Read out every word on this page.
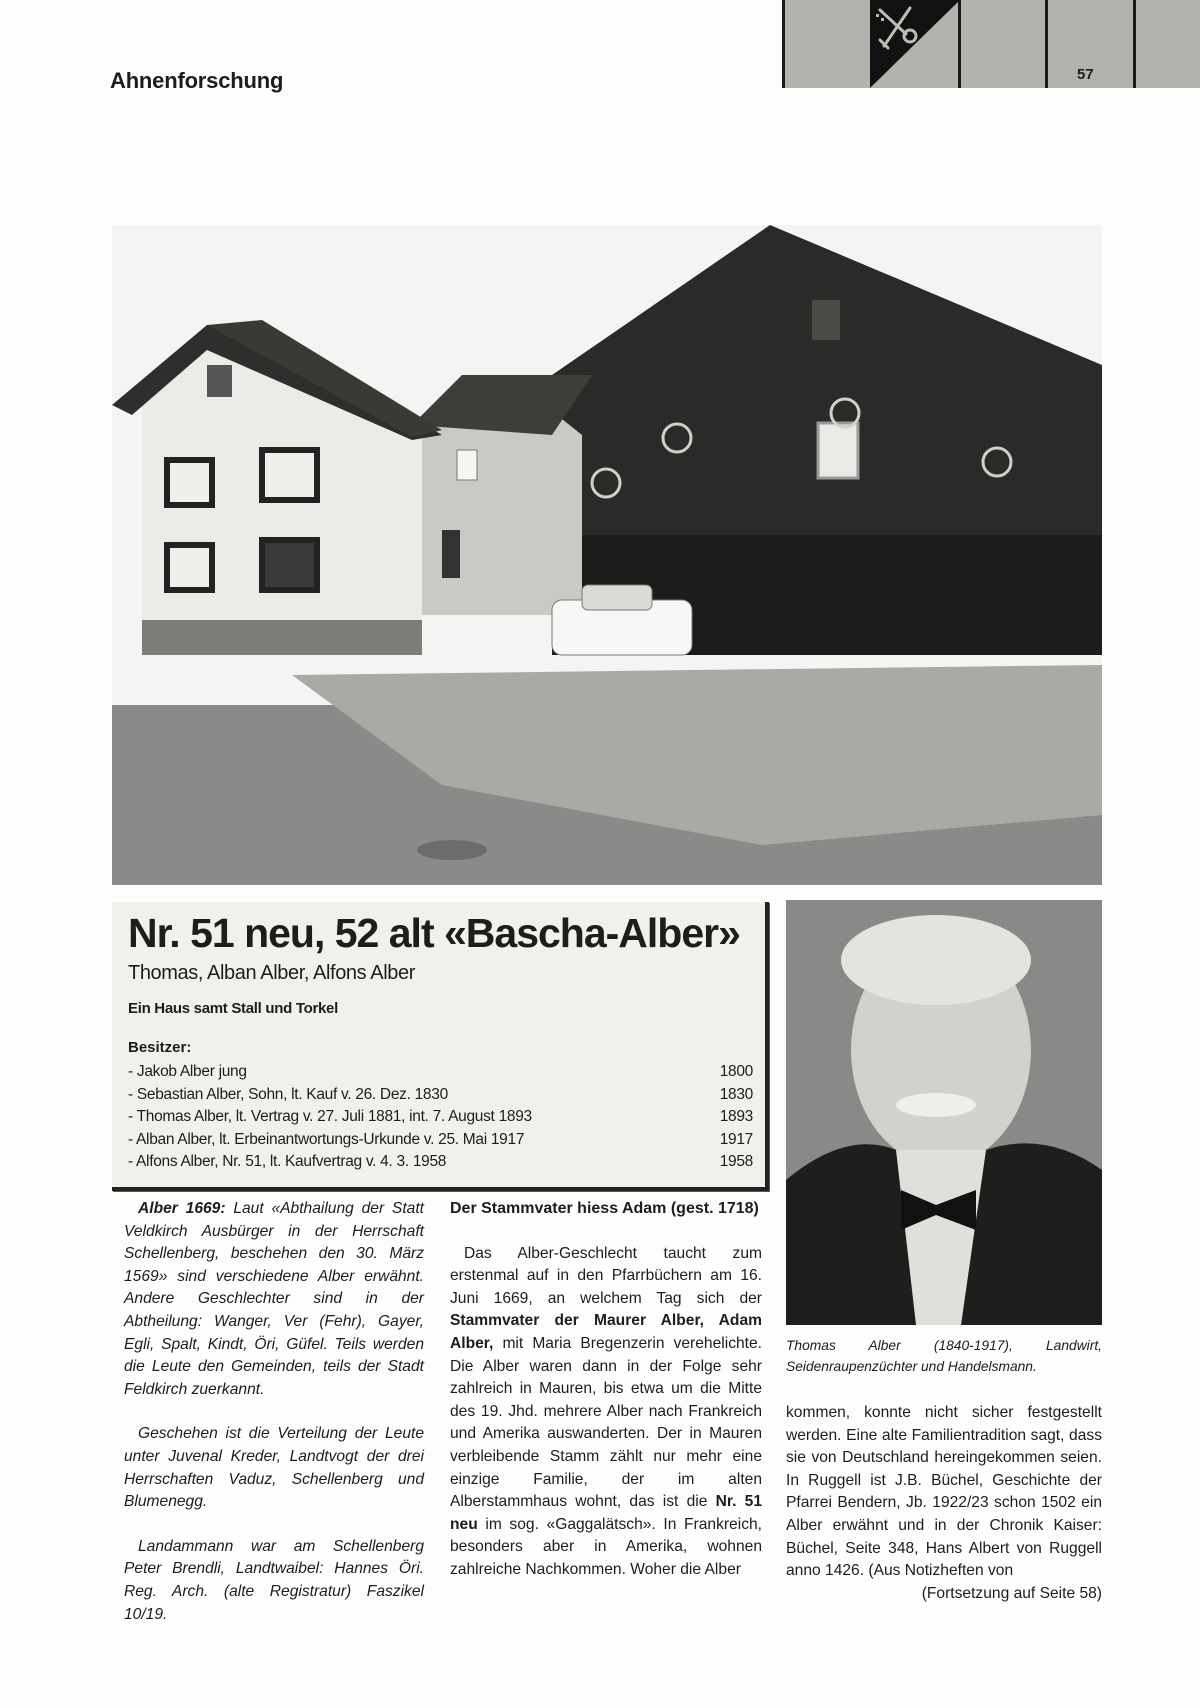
57
Ahnenforschung
Nr. 51 neu, 52 alt «Bascha-Alber»
Thomas, Alban Alber, Alfons Alber
Ein Haus samt Stall und Torkel
Besitzer:
- Jakob Alber jung	1800
- Sebastian Alber, Sohn, lt. Kauf v. 26. Dez. 1830	1830
- Thomas Alber, lt. Vertrag v. 27. Juli 1881, int. 7. August 1893	1893
- Alban Alber, lt. Erbeinantwortungs-Urkunde v. 25. Mai 1917	1917
- Alfons Alber, Nr. 51, lt. Kaufvertrag v. 4. 3. 1958	1958
Thomas Alber (1840-1917), Landwirt, Seidenraupenzüchter und Handelsmann.

Alber 1669: Laut «Abthailung der Statt Veldkirch Ausbürger in der Herrschaft Schellenberg, beschehen den 30. März 1569» sind verschiedene Alber erwähnt. Andere Geschlechter sind in der Abtheilung: Wanger, Ver (Fehr), Gayer, Egli, Spalt, Kindt, Öri, Güfel. Teils werden die Leute den Gemeinden, teils der Stadt Feldkirch zuerkannt.

Geschehen ist die Verteilung der Leute unter Juvenal Kreder, Landtvogt der drei Herrschaften Vaduz, Schellenberg und Blumenegg.

Landammann war am Schellenberg Peter Brendli, Landtwaibel: Hannes Öri. Reg. Arch. (alte Registratur) Faszikel 10/19.

Der Stammvater hiess Adam (gest. 1718)

Das Alber-Geschlecht taucht zum erstenmal auf in den Pfarrbüchern am 16. Juni 1669, an welchem Tag sich der Stammvater der Maurer Alber, Adam Alber, mit Maria Bregenzerin verehelichte. Die Alber waren dann in der Folge sehr zahlreich in Mauren, bis etwa um die Mitte des 19. Jhd. mehrere Alber nach Frankreich und Amerika auswanderten. Der in Mauren verbleibende Stamm zählt nur mehr eine einzige Familie, der im alten Alberstammhaus wohnt, das ist die Nr. 51 neu im sog. «Gaggalätsch». In Frankreich, besonders aber in Amerika, wohnen zahlreiche Nachkommen. Woher die Alber

kommen, konnte nicht sicher festgestellt werden. Eine alte Familientradition sagt, dass sie von Deutschland hereingekommen seien. In Ruggell ist J.B. Büchel, Geschichte der Pfarrei Bendern, Jb. 1922/23 schon 1502 ein Alber erwähnt und in der Chronik Kaiser: Büchel, Seite 348, Hans Albert von Ruggell anno 1426. (Aus Notizheften von

(Fortsetzung auf Seite 58)
